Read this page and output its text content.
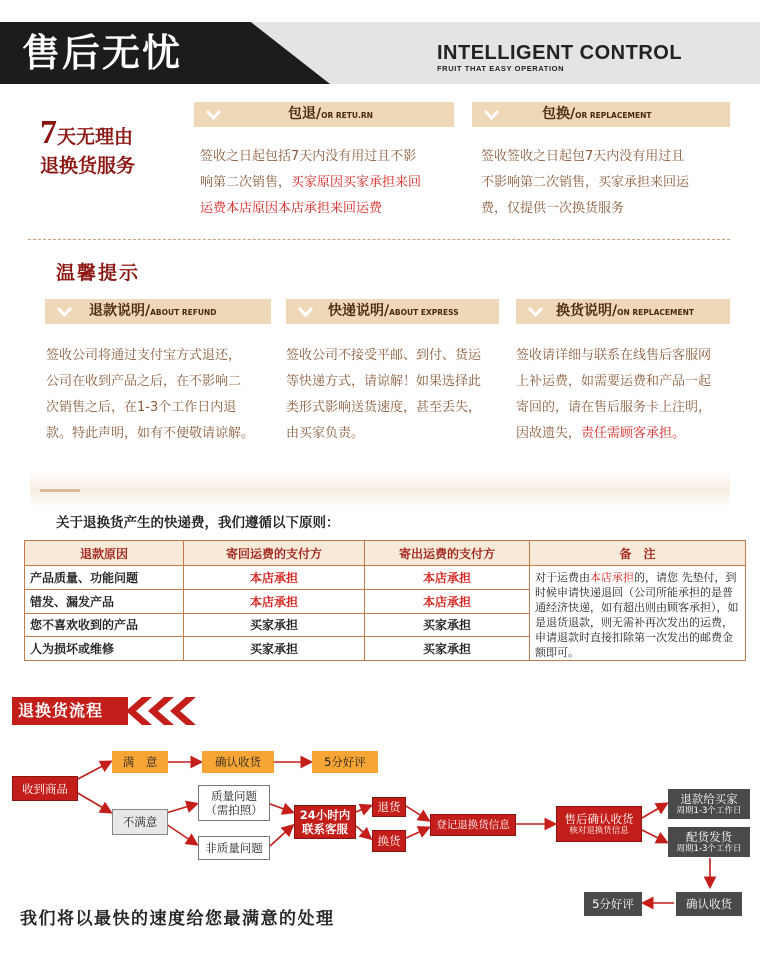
售后无忧	INTELLIGENT CONTROL
FRUIT THAT EASY OPERATION
7天无理由
退换货服务
包退/OR RETU.RN	包换/OR REPLACEMENT
签收之日起包括7天内没有用过且不影
响第二次销售，买家原因买家承担来回
运费本店原因本店承担来回运费
签收签收之日起包7天内没有用过且
不影响第二次销售，买家承担来回运
费，仅提供一次换货服务
温馨提示
退款说明/ABOUT REFUND	快递说明/ABOUT EXPRESS	换货说明/ON REPLACEMENT
签收公司将通过支付宝方式退还，
公司在收到产品之后，在不影响二
次销售之后，在1-3个工作日内退
款。特此声明，如有不便敬请谅解。
签收公司不接受平邮、到付、货运
等快递方式，请谅解！如果选择此
类形式影响送货速度，甚至丢失，
由买家负责。
签收请详细与联系在线售后客服网
上补运费，如需要运费和产品一起
寄回的，请在售后服务卡上注明，
因故遗失，责任需顾客承担。
关于退换货产生的快递费，我们遵循以下原则：
退款原因	寄回运费的支付方	寄出运费的支付方	备　注
产品质量、功能问题	本店承担	本店承担	对于运费由本店承担的，请您 先垫付，到时候申请快递退回（公司所能承担的是普通经济快递，如有超出则由顾客承担），如是退货退款，则无需补再次发出的运费，申请退款时直接扣除第一次发出的邮费金额即可。
错发、漏发产品	本店承担	本店承担	
您不喜欢收到的产品	买家承担	买家承担	
人为损坏或维修	买家承担	买家承担	
退换货流程
收到商品
满　意	确认收货	5分好评
不满意
质量问题
（需拍照）
非质量问题
24小时内
联系客服
退货
换货
登记退换货信息	售后确认收货
核对退换货信息
退款给买家
周期1-3个工作日
配货发货
周期1-3个工作日
确认收货
5分好评
我们将以最快的速度给您最满意的处理
